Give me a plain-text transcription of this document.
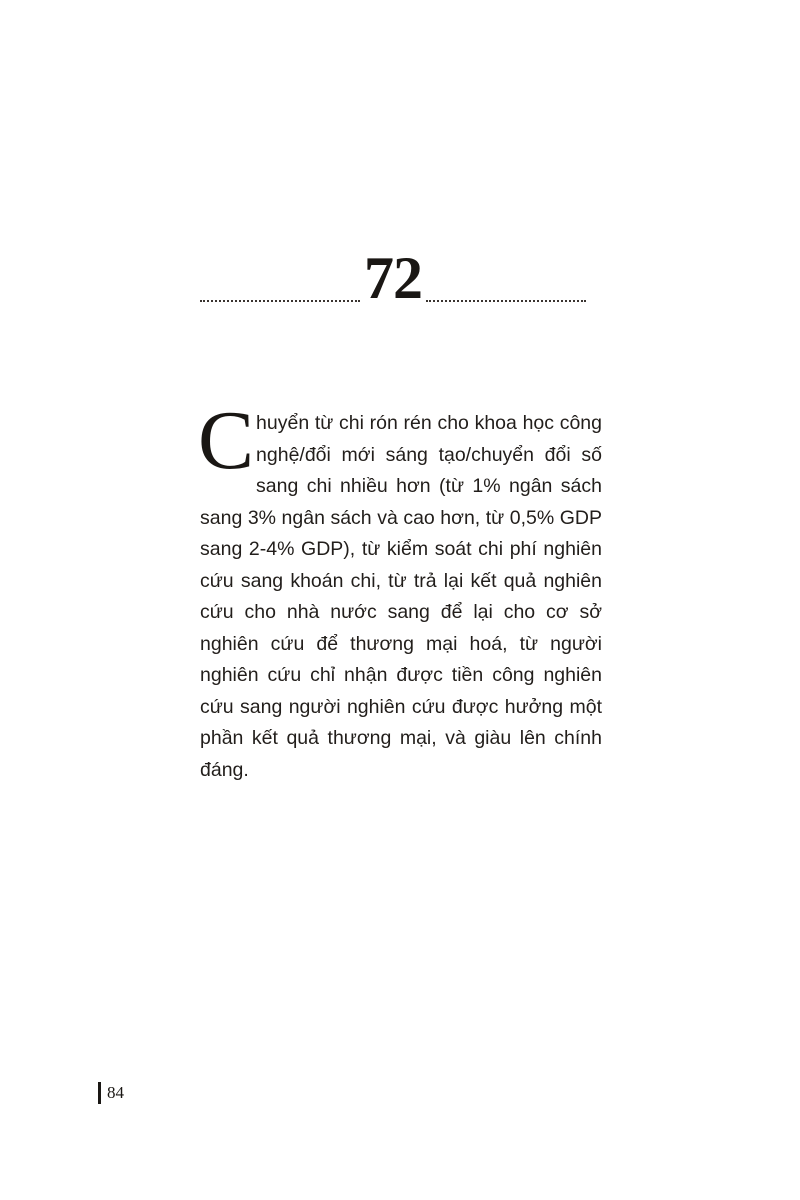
72
Chuyển từ chi rón rén cho khoa học công nghệ/đổi mới sáng tạo/chuyển đổi số sang chi nhiều hơn (từ 1% ngân sách sang 3% ngân sách và cao hơn, từ 0,5% GDP sang 2-4% GDP), từ kiểm soát chi phí nghiên cứu sang khoán chi, từ trả lại kết quả nghiên cứu cho nhà nước sang để lại cho cơ sở nghiên cứu để thương mại hoá, từ người nghiên cứu chỉ nhận được tiền công nghiên cứu sang người nghiên cứu được hưởng một phần kết quả thương mại, và giàu lên chính đáng.
84
